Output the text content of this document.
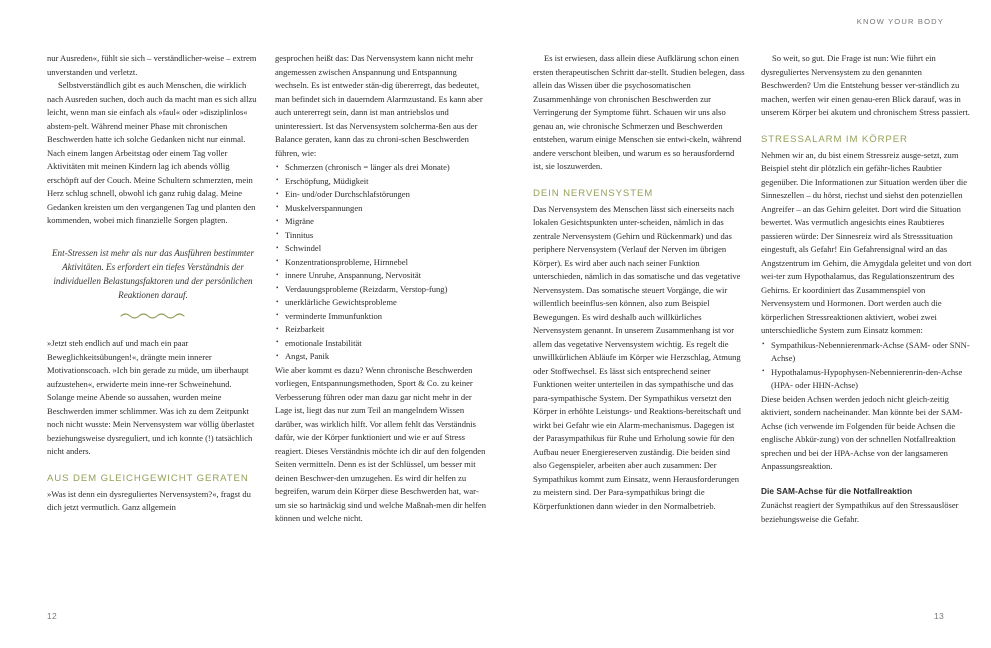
KNOW YOUR BODY

nur Ausreden«, fühlt sie sich – verständlicher-weise – extrem unverstanden und verletzt.

Selbstverständlich gibt es auch Menschen, die wirklich nach Ausreden suchen, doch auch da macht man es sich allzu leicht, wenn man sie einfach als »faul« oder »disziplinlos« abstem-pelt. Während meiner Phase mit chronischen Beschwerden hatte ich solche Gedanken nicht nur einmal. Nach einem langen Arbeitstag oder einem Tag voller Aktivitäten mit meinen Kindern lag ich abends völlig erschöpft auf der Couch. Meine Schultern schmerzten, mein Herz schlug schnell, obwohl ich ganz ruhig dalag. Meine Gedanken kreisten um den vergangenen Tag und planten den kommenden, wobei mich finanzielle Sorgen plagten.

Ent-Stressen ist mehr als nur das Ausführen bestimmter Aktivitäten. Es erfordert ein tiefes Verständnis der individuellen Belastungsfaktoren und der persönlichen Reaktionen darauf.

»Jetzt steh endlich auf und mach ein paar Beweglichkeitsübungen!«, drängte mein innerer Motivationscoach. »Ich bin gerade zu müde, um überhaupt aufzustehen«, erwiderte mein inne-rer Schweinehund. Solange meine Abende so aussahen, wurden meine Beschwerden immer schlimmer. Was ich zu dem Zeitpunkt noch nicht wusste: Mein Nervensystem war völlig überlastet beziehungsweise dysreguliert, und ich konnte (!) tatsächlich nicht anders.

AUS DEM GLEICHGEWICHT GERATEN

»Was ist denn ein dysreguliertes Nervensystem?«, fragst du dich jetzt vermutlich. Ganz allgemein

gesprochen heißt das: Das Nervensystem kann nicht mehr angemessen zwischen Anspannung und Entspannung wechseln. Es ist entweder stän-dig übererregt, das bedeutet, man befindet sich in dauerndem Alarmzustand. Es kann aber auch untererregt sein, dann ist man antriebslos und uninteressiert. Ist das Nervensystem solcherma-ßen aus der Balance geraten, kann das zu chroni-schen Beschwerden führen, wie:

• Schmerzen (chronisch = länger als drei Monate)
• Erschöpfung, Müdigkeit
• Ein- und/oder Durchschlafstörungen
• Muskelverspannungen
• Migräne
• Tinnitus
• Schwindel
• Konzentrationsprobleme, Hirnnebel
• innere Unruhe, Anspannung, Nervosität
• Verdauungsprobleme (Reizdarm, Verstop-fung)
• unerklärliche Gewichtsprobleme
• verminderte Immunfunktion
• Reizbarkeit
• emotionale Instabilität
• Angst, Panik

Wie aber kommt es dazu? Wenn chronische Beschwerden vorliegen, Entspannungsmethoden, Sport & Co. zu keiner Verbesserung führen oder man dazu gar nicht mehr in der Lage ist, liegt das nur zum Teil an mangelndem Wissen darüber, was wirklich hilft. Vor allem fehlt das Verständnis dafür, wie der Körper funktioniert und wie er auf Stress reagiert. Dieses Verständnis möchte ich dir auf den folgenden Seiten vermitteln. Denn es ist der Schlüssel, um besser mit deinen Beschwer-den umzugehen. Es wird dir helfen zu begreifen, warum dein Körper diese Beschwerden hat, war-um sie so hartnäckig sind und welche Maßnah-men dir helfen können und welche nicht.

Es ist erwiesen, dass allein diese Aufklärung schon einen ersten therapeutischen Schritt dar-stellt. Studien belegen, dass allein das Wissen über die psychosomatischen Zusammenhänge von chronischen Beschwerden zur Verringerung der Symptome führt. Schauen wir uns also genau an, wie chronische Schmerzen und Beschwerden entstehen, warum einige Menschen sie entwi-ckeln, während andere verschont bleiben, und warum es so herausfordernd ist, sie loszuwerden.

DEIN NERVENSYSTEM

Das Nervensystem des Menschen lässt sich einerseits nach lokalen Gesichtspunkten unter-scheiden, nämlich in das zentrale Nervensystem (Gehirn und Rückenmark) und das periphere Nervensystem (Verlauf der Nerven im übrigen Körper). Es wird aber auch nach seiner Funktion unterschieden, nämlich in das somatische und das vegetative Nervensystem. Das somatische steuert Vorgänge, die wir willentlich beeinflus-sen können, also zum Beispiel Bewegungen. Es wird deshalb auch willkürliches Nervensystem genannt. In unserem Zusammenhang ist vor allem das vegetative Nervensystem wichtig. Es regelt die unwillkürlichen Abläufe im Körper wie Herzschlag, Atmung oder Stoffwechsel. Es lässt sich entsprechend seiner Funktionen weiter unterteilen in das sympathische und das para-sympathische System. Der Sympathikus versetzt den Körper in erhöhte Leistungs- und Reaktions-bereitschaft und wirkt bei Gefahr wie ein Alarm-mechanismus. Dagegen ist der Parasympathikus für Ruhe und Erholung sowie für den Aufbau neuer Energiereserven zuständig. Die beiden sind also Gegenspieler, arbeiten aber auch zusammen: Der Sympathikus kommt zum Einsatz, wenn Herausforderungen zu meistern sind. Der Para-sympathikus bringt die Körperfunktionen dann wieder in den Normalbetrieb.

So weit, so gut. Die Frage ist nun: Wie führt ein dysreguliertes Nervensystem zu den genannten Beschwerden? Um die Entstehung besser ver-ständlich zu machen, werfen wir einen genau-eren Blick darauf, was in unserem Körper bei akutem und chronischem Stress passiert.

STRESSALARM IM KÖRPER

Nehmen wir an, du bist einem Stressreiz ausge-setzt, zum Beispiel steht dir plötzlich ein gefähr-liches Raubtier gegenüber. Die Informationen zur Situation werden über die Sinneszellen – du hörst, riechst und siehst den potenziellen Angreifer – an das Gehirn geleitet. Dort wird die Situation bewertet. Was vermutlich angesichts eines Raubtieres passieren würde: Der Sinnesreiz wird als Stresssituation eingestuft, als Gefahr! Ein Gefahrensignal wird an das Angstzentrum im Gehirn, die Amygdala geleitet und von dort wei-ter zum Hypothalamus, das Regulationszentrum des Gehirns. Er koordiniert das Zusammenspiel von Nervensystem und Hormonen. Dort werden auch die körperlichen Stressreaktionen aktiviert, wobei zwei unterschiedliche System zum Einsatz kommen:

• Sympathikus-Nebennierenmark-Achse (SAM- oder SNN-Achse)
• Hypothalamus-Hypophysen-Nebennierenrin-den-Achse (HPA- oder HHN-Achse)

Diese beiden Achsen werden jedoch nicht gleich-zeitig aktiviert, sondern nacheinander. Man könnte bei der SAM-Achse (ich verwende im Folgenden für beide Achsen die englische Abkür-zung) von der schnellen Notfallreaktion sprechen und bei der HPA-Achse von der langsameren Anpassungsreaktion.

Die SAM-Achse für die Notfallreaktion

Zunächst reagiert der Sympathikus auf den Stressauslöser beziehungsweise die Gefahr.

12	13
